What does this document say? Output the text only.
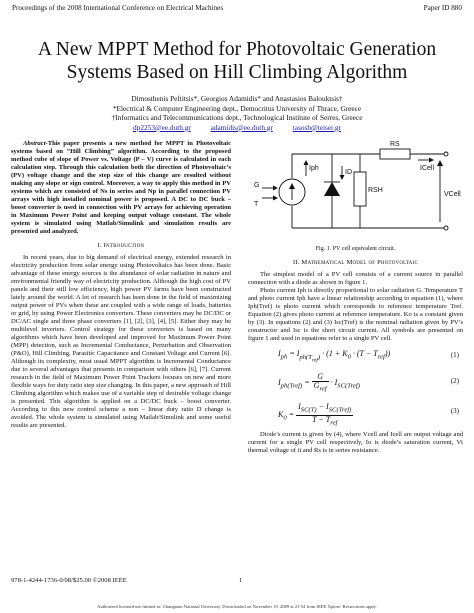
Proceedings of the 2008 International Conference on Electrical Machines	Paper ID 880
A New MPPT Method for Photovoltaic Generation
Systems Based on Hill Climbing Algorithm
Dimosthenis Peftitsis*, Georgios Adamidis* and Anastasios Balouktsis†
*Electrical & Computer Engineering dept., Democritus University of Thrace, Greece
†Informatics and Telecommunications dept., Technological Institute of Serres, Greece
dp2253@ee.duth.gr	adamidis@ee.duth.gr	tasosb@teiser.gr

Abstract-This paper presents a new method for MPPT in Photovoltaic systems based on “Hill Climbing” algorithm. According to the proposed method cube of slope of Power vs. Voltage (P – V) curve is calculated in each calculation step. Through this calculation both the direction of Photovoltaic’s (PV) voltage change and the step size of this change are resulted without making any slope or sign control. Moreover, a way to apply this method in PV systems which are consisted of Ns in series and Np in parallel connection PV arrays with high installed nominal power is proposed. A DC to DC buck – boost converter is used in connection with PV arrays for achieving operation in Maximum Power Point and keeping output voltage constant. The whole system is simulated using Matlab/Simulink and simulation results are presented and analyzed.

I. Introduction

In recent years, due to big demand of electrical energy, extended research in electricity production from solar energy using Photovoltaics has been done. Basic advantage of these energy sources is the abundance of solar radiation in nature and environmental friendly way of electricity production. Although the high cost of PV panels and their still low efficiency, high power PV farms have been constructed lately around the world. A lot of research has been done in the field of maximizing output power of PVs when these are coupled with a wide range of loads, batteries or grid, by using Power Electronics converters. These converters may be DC/DC or DC/AC single and three phase converters [1], [2], [3], [4], [5]. Either they may be multilevel inverters. Control strategy for these converters is based on many algorithms which have been developed and improved for Maximum Power Point (MPP) detection, such as Incremental Conductance, Perturbation and Observation (P&O), Hill Climbing, Parasitic Capacitance and Constant Voltage and Current [6]. Although its complexity, most usual MPPT algorithm is Incremental Conductance due to several advantages that presents in comparison with others [6], [7]. Current research in the field of Maximum Power Point Trackers focuses on new and more flexible ways for duty ratio step size changing. In this paper, a new approach of Hill Climbing algorithm which makes use of a variable step of desirable voltage change is presented. This algorithm is applied on a DC/DC buck – boost converter. According to this new control scheme a non – linear duty ratio D change is avoided. The whole system is simulated using Matlab/Simulink and some useful results are presented.

RS
ICell
Iph
ID
RSH
VCell
G
T
Fig. 1. PV cell equivalent circuit.
II. Mathematical Model of Photovoltaic

The simplest model of a PV cell consists of a current source in parallel connection with a diode as shown in figure 1.

Photo current Iph is directly proportional to solar radiation G. Temperature T and photo current Iph have a linear relationship according to equation (1), where Iph(Tref) is photo current which corresponds to reference temperature Tref. Equation (2) gives photo current at reference temperature. Ko is a constant given by (3). In equations (2) and (3) Isc(Tref) is the nominal radiation given by PV’s constructor and Isc is the short circuit current. All symbols are presented on figure 1 and used in equations refer to a single PV cell.

$I_{ph} = I_{ph(T_{ref})} \cdot (1 + K_0 \cdot (T - T_{ref}))$	(1)
$I_{ph(Tref)} = \frac{G}{G_{ref}} \cdot I_{SC(Tref)}$
(2)
$K_0 = \frac{I_{SC(T)} - I_{SC(Tref)}}{T - T_{ref}}$	(3)

Diode’s current is given by (4), where Vcell and Icell are output voltage and current for a single PV cell respectively, Io is diode’s saturation current, Vt thermal voltage of it and Rs is in series resistance.

978-1-4244-1736-0/08/$25.00 ©2008 IEEE	1
Authorized licensed use limited to: Chungnam National University. Downloaded on November 19, 2009 at 21:54 from IEEE Xplore. Restrictions apply.
